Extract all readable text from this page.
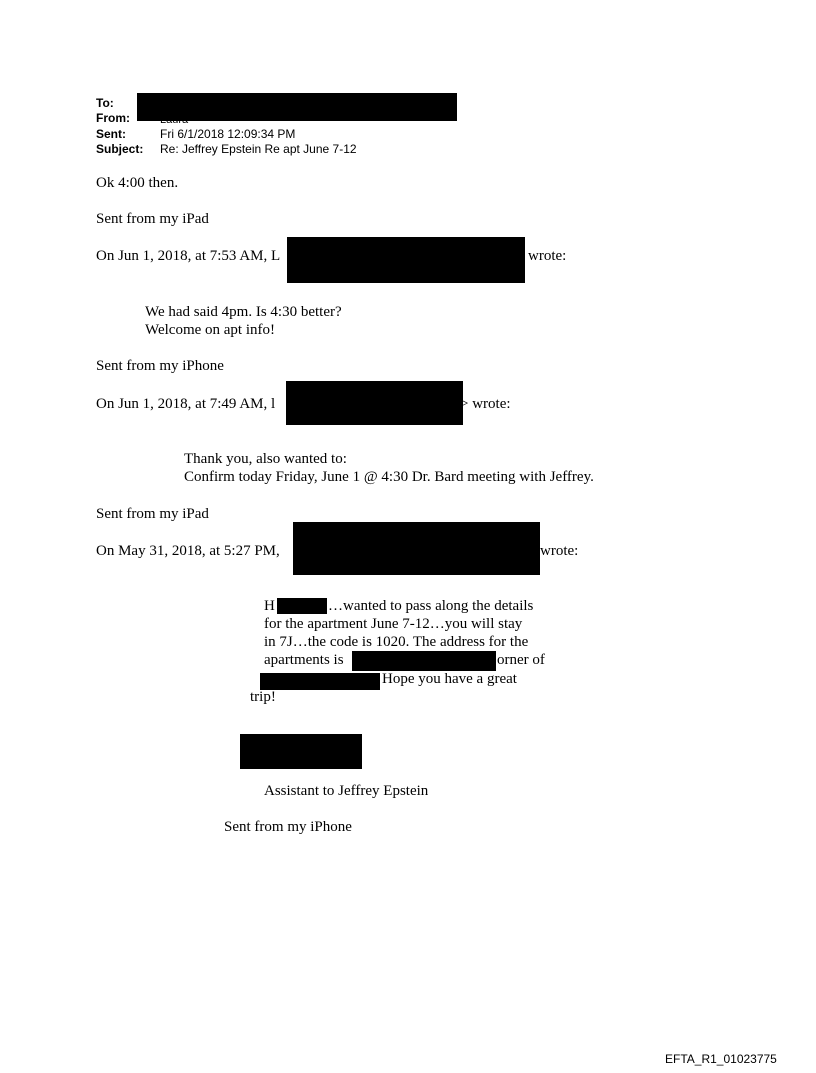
To:
From:
Sent:	Fri 6/1/2018 12:09:34 PM
Subject: Re: Jeffrey Epstein Re apt June 7-12
Ok 4:00 then.
Sent from my iPad
On Jun 1, 2018, at 7:53 AM, L	wrote:
We had said 4pm. Is 4:30 better?
Welcome on apt info!
Sent from my iPhone
On Jun 1, 2018, at 7:49 AM, l	> wrote:
Thank you, also wanted to:
Confirm today Friday, June 1 @ 4:30 Dr. Bard meeting with Jeffrey.
Sent from my iPad
On May 31, 2018, at 5:27 PM,	wrote:
H	…wanted to pass along the details
for the apartment June 7-12…you will stay
in 7J…the code is 1020. The address for the
apartments is	orner of
Hope you have a great
trip!
Assistant to Jeffrey Epstein
Sent from my iPhone
EFTA_R1_01023775
